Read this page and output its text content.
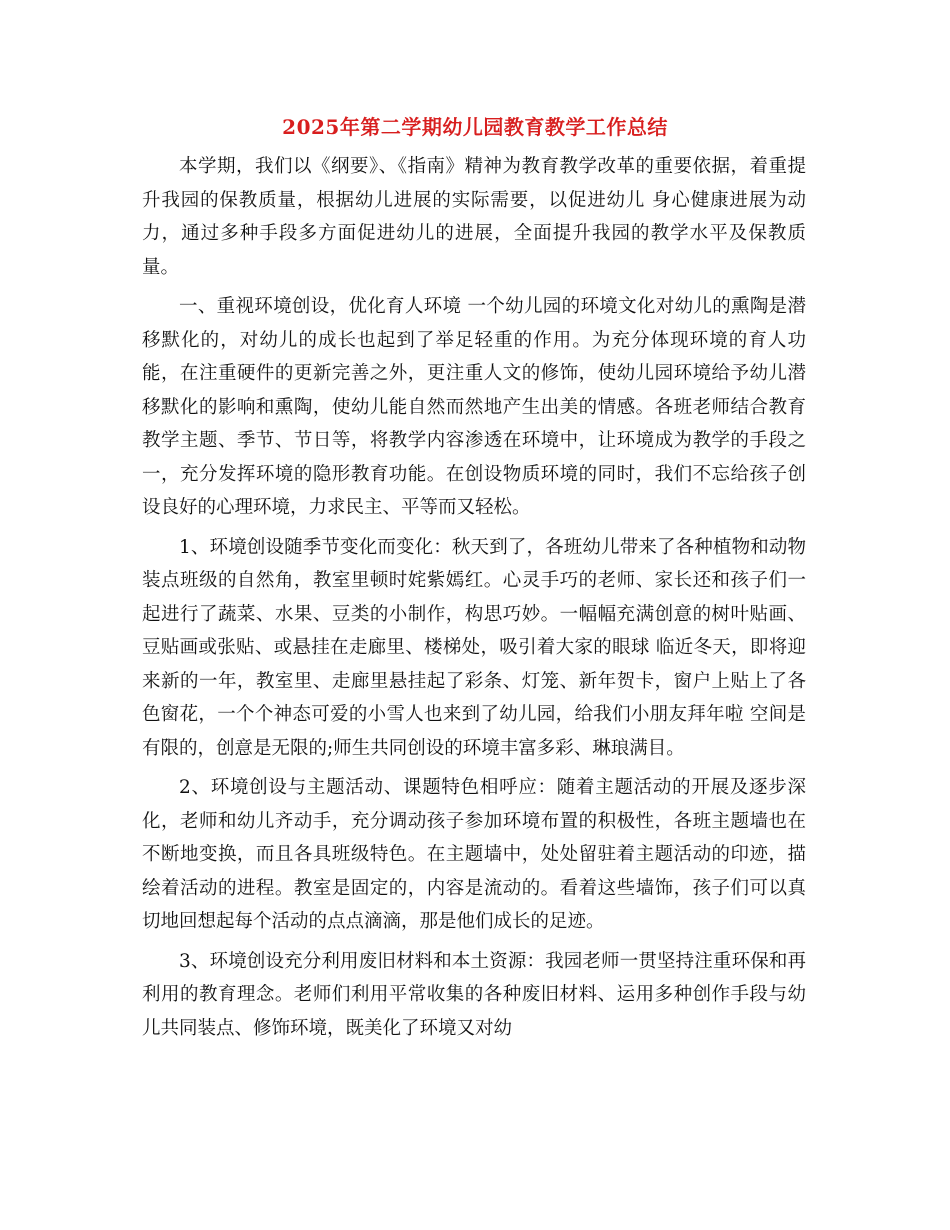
2025年第二学期幼儿园教育教学工作总结

本学期，我们以《纲要》、《指南》精神为教育教学改革的重要依据，着重提升我园的保教质量，根据幼儿进展的实际需要，以促进幼儿 身心健康进展为动力，通过多种手段多方面促进幼儿的进展，全面提升我园的教学水平及保教质量。

一、重视环境创设，优化育人环境 一个幼儿园的环境文化对幼儿的熏陶是潜移默化的，对幼儿的成长也起到了举足轻重的作用。为充分体现环境的育人功能，在注重硬件的更新完善之外，更注重人文的修饰，使幼儿园环境给予幼儿潜移默化的影响和熏陶，使幼儿能自然而然地产生出美的情感。各班老师结合教育教学主题、季节、节日等，将教学内容渗透在环境中，让环境成为教学的手段之一，充分发挥环境的隐形教育功能。在创设物质环境的同时，我们不忘给孩子创设良好的心理环境，力求民主、平等而又轻松。

1、环境创设随季节变化而变化：秋天到了，各班幼儿带来了各种植物和动物装点班级的自然角，教室里顿时姹紫嫣红。心灵手巧的老师、家长还和孩子们一起进行了蔬菜、水果、豆类的小制作，构思巧妙。一幅幅充满创意的树叶贴画、豆贴画或张贴、或悬挂在走廊里、楼梯处，吸引着大家的眼球 临近冬天，即将迎来新的一年，教室里、走廊里悬挂起了彩条、灯笼、新年贺卡，窗户上贴上了各色窗花，一个个神态可爱的小雪人也来到了幼儿园，给我们小朋友拜年啦 空间是有限的，创意是无限的;师生共同创设的环境丰富多彩、琳琅满目。

2、环境创设与主题活动、课题特色相呼应：随着主题活动的开展及逐步深化，老师和幼儿齐动手，充分调动孩子参加环境布置的积极性，各班主题墙也在不断地变换，而且各具班级特色。在主题墙中，处处留驻着主题活动的印迹，描绘着活动的进程。教室是固定的，内容是流动的。看着这些墙饰，孩子们可以真切地回想起每个活动的点点滴滴，那是他们成长的足迹。

3、环境创设充分利用废旧材料和本土资源：我园老师一贯坚持注重环保和再利用的教育理念。老师们利用平常收集的各种废旧材料、运用多种创作手段与幼儿共同装点、修饰环境，既美化了环境又对幼
